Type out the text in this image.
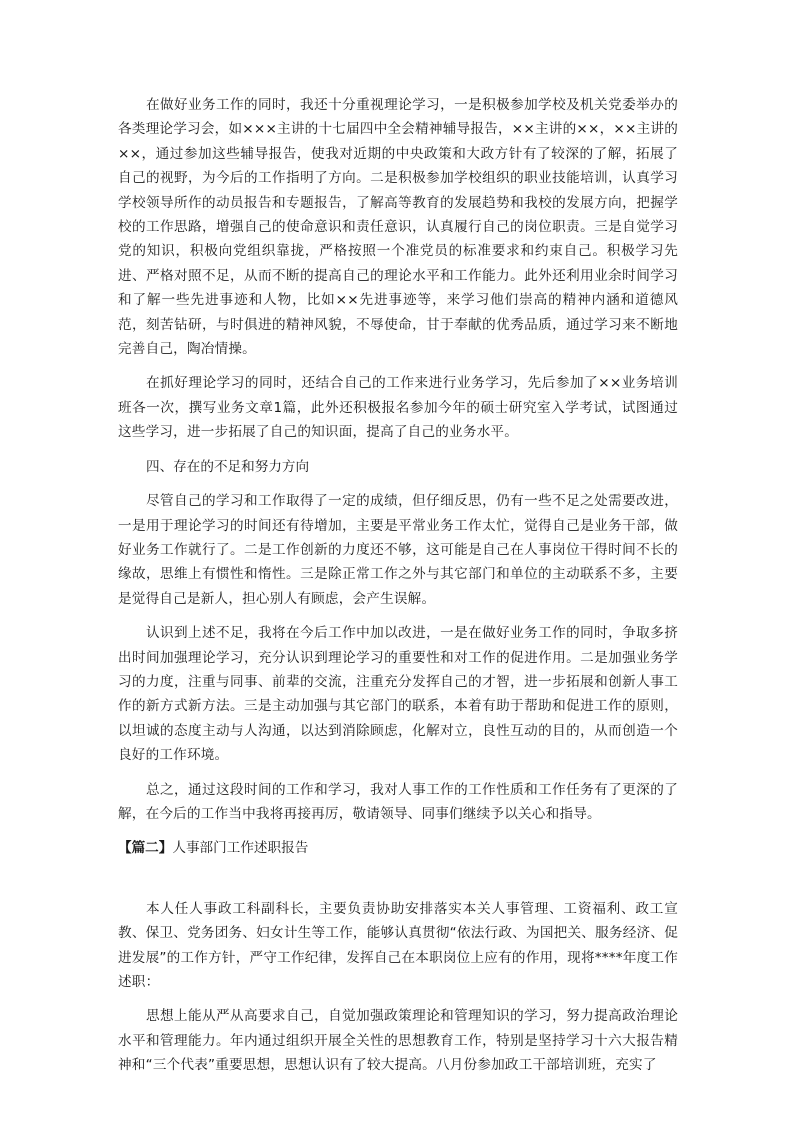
在做好业务工作的同时，我还十分重视理论学习，一是积极参加学校及机关党委举办的各类理论学习会，如×××主讲的十七届四中全会精神辅导报告，××主讲的××，××主讲的××，通过参加这些辅导报告，使我对近期的中央政策和大政方针有了较深的了解，拓展了自己的视野，为今后的工作指明了方向。二是积极参加学校组织的职业技能培训，认真学习学校领导所作的动员报告和专题报告，了解高等教育的发展趋势和我校的发展方向，把握学校的工作思路，增强自己的使命意识和责任意识，认真履行自己的岗位职责。三是自觉学习党的知识，积极向党组织靠拢，严格按照一个准党员的标准要求和约束自己。积极学习先进、严格对照不足，从而不断的提高自己的理论水平和工作能力。此外还利用业余时间学习和了解一些先进事迹和人物，比如××先进事迹等，来学习他们崇高的精神内涵和道德风范，刻苦钻研，与时俱进的精神风貌，不辱使命，甘于奉献的优秀品质，通过学习来不断地完善自己，陶冶情操。

在抓好理论学习的同时，还结合自己的工作来进行业务学习，先后参加了××业务培训班各一次，撰写业务文章1篇，此外还积极报名参加今年的硕士研究室入学考试，试图通过这些学习，进一步拓展了自己的知识面，提高了自己的业务水平。

四、存在的不足和努力方向

尽管自己的学习和工作取得了一定的成绩，但仔细反思，仍有一些不足之处需要改进，一是用于理论学习的时间还有待增加，主要是平常业务工作太忙，觉得自己是业务干部，做好业务工作就行了。二是工作创新的力度还不够，这可能是自己在人事岗位干得时间不长的缘故，思维上有惯性和惰性。三是除正常工作之外与其它部门和单位的主动联系不多，主要是觉得自己是新人，担心别人有顾虑，会产生误解。

认识到上述不足，我将在今后工作中加以改进，一是在做好业务工作的同时，争取多挤出时间加强理论学习，充分认识到理论学习的重要性和对工作的促进作用。二是加强业务学习的力度，注重与同事、前辈的交流，注重充分发挥自己的才智，进一步拓展和创新人事工作的新方式新方法。三是主动加强与其它部门的联系，本着有助于帮助和促进工作的原则，以坦诚的态度主动与人沟通，以达到消除顾虑，化解对立，良性互动的目的，从而创造一个良好的工作环境。

总之，通过这段时间的工作和学习，我对人事工作的工作性质和工作任务有了更深的了解，在今后的工作当中我将再接再厉，敬请领导、同事们继续予以关心和指导。

【篇二】人事部门工作述职报告

本人任人事政工科副科长，主要负责协助安排落实本关人事管理、工资福利、政工宣教、保卫、党务团务、妇女计生等工作，能够认真贯彻“依法行政、为国把关、服务经济、促进发展”的工作方针，严守工作纪律，发挥自己在本职岗位上应有的作用，现将****年度工作述职：

思想上能从严从高要求自己，自觉加强政策理论和管理知识的学习，努力提高政治理论水平和管理能力。年内通过组织开展全关性的思想教育工作，特别是坚持学习十六大报告精神和“三个代表”重要思想，思想认识有了较大提高。八月份参加政工干部培训班，充实了
